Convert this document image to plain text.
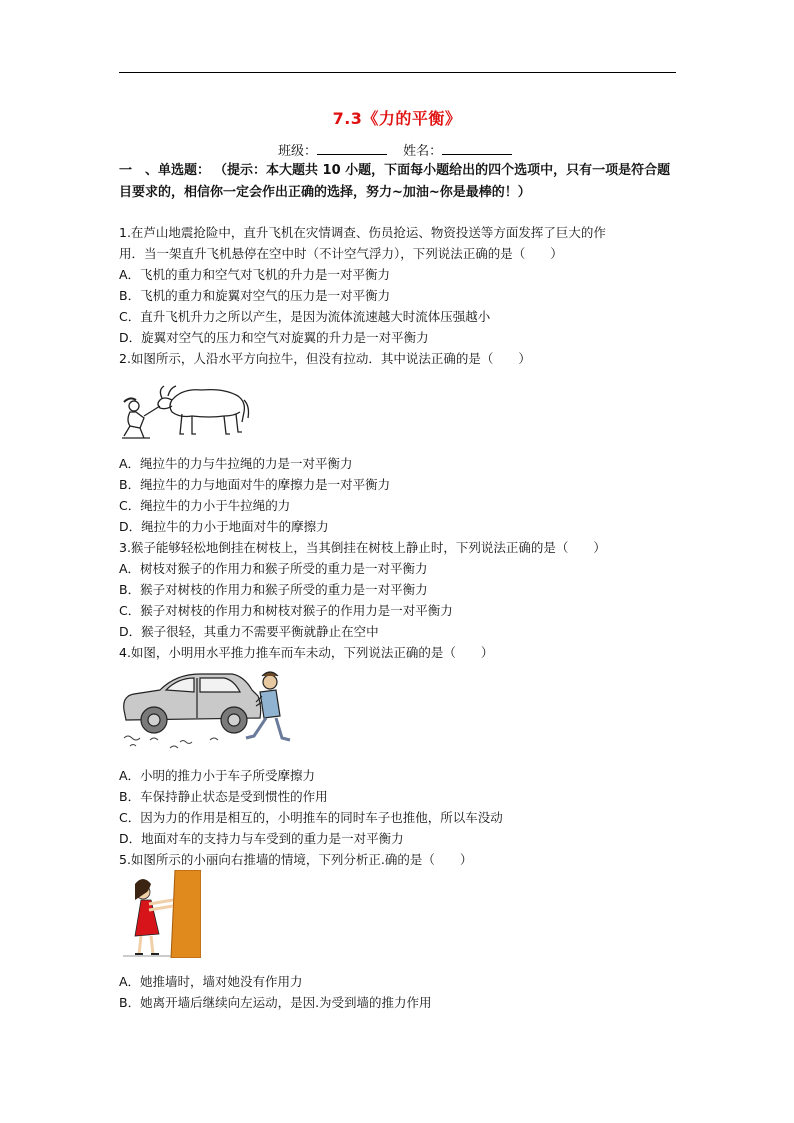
7.3《力的平衡》
班级：	姓名：
一　、单选题： （提示：本大题共 10 小题，下面每小题给出的四个选项中，只有一项是符合题目要求的，相信你一定会作出正确的选择，努力~加油~你是最棒的！）
1.在芦山地震抢险中，直升飞机在灾情调查、伤员抢运、物资投送等方面发挥了巨大的作
用．当一架直升飞机悬停在空中时（不计空气浮力），下列说法正确的是（　　）
A．飞机的重力和空气对飞机的升力是一对平衡力
B．飞机的重力和旋翼对空气的压力是一对平衡力
C．直升飞机升力之所以产生，是因为流体流速越大时流体压强越小
D．旋翼对空气的压力和空气对旋翼的升力是一对平衡力
2.如图所示，人沿水平方向拉牛，但没有拉动．其中说法正确的是（　　）
A．绳拉牛的力与牛拉绳的力是一对平衡力
B．绳拉牛的力与地面对牛的摩擦力是一对平衡力
C．绳拉牛的力小于牛拉绳的力
D．绳拉牛的力小于地面对牛的摩擦力
3.猴子能够轻松地倒挂在树枝上，当其倒挂在树枝上静止时，下列说法正确的是（　　）
A．树枝对猴子的作用力和猴子所受的重力是一对平衡力
B．猴子对树枝的作用力和猴子所受的重力是一对平衡力
C．猴子对树枝的作用力和树枝对猴子的作用力是一对平衡力
D．猴子很轻，其重力不需要平衡就静止在空中
4.如图，小明用水平推力推车而车未动，下列说法正确的是（　　）
A．小明的推力小于车子所受摩擦力
B．车保持静止状态是受到惯性的作用
C．因为力的作用是相互的，小明推车的同时车子也推他，所以车没动
D．地面对车的支持力与车受到的重力是一对平衡力
5.如图所示的小丽向右推墙的情境，下列分析正.确的是（　　）
A．她推墙时，墙对她没有作用力
B．她离开墙后继续向左运动，是因.为受到墙的推力作用
